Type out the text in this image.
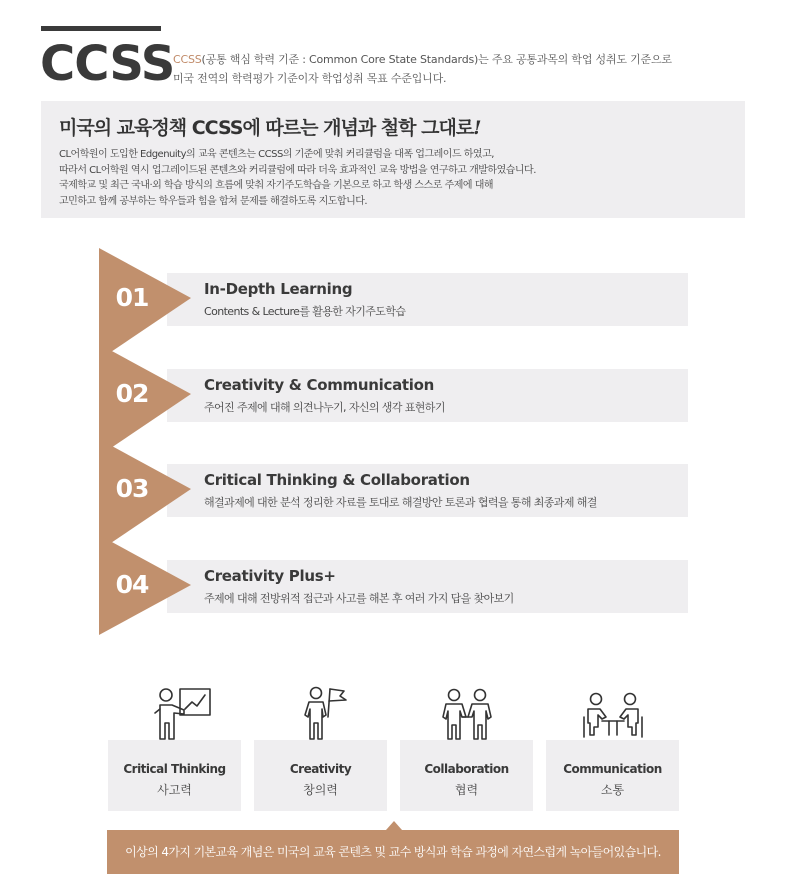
CCSS
CCSS(공통 핵심 학력 기준 : Common Core State Standards)는 주요 공통과목의 학업 성취도 기준으로
미국 전역의 학력평가 기준이자 학업성취 목표 수준입니다.
미국의 교육정책 CCSS에 따르는 개념과 철학 그대로!
CL어학원이 도입한 Edgenuity의 교육 콘텐츠는 CCSS의 기준에 맞춰 커리큘럼을 대폭 업그레이드 하였고,
따라서 CL어학원 역시 업그레이드된 콘텐츠와 커리큘럼에 따라 더욱 효과적인 교육 방법을 연구하고 개발하였습니다.
국제학교 및 최근 국내·외 학습 방식의 흐름에 맞춰 자기주도학습을 기본으로 하고 학생 스스로 주제에 대해
고민하고 함께 공부하는 학우들과 힘을 합쳐 문제를 해결하도록 지도합니다.
01	In-Depth Learning
Contents & Lecture를 활용한 자기주도학습
02	Creativity & Communication
주어진 주제에 대해 의견나누기, 자신의 생각 표현하기
03	Critical Thinking & Collaboration
해결과제에 대한 분석 정리한 자료를 토대로 해결방안 토론과 협력을 통해 최종과제 해결
04	Creativity Plus+
주제에 대해 전방위적 접근과 사고를 해본 후 여러 가지 답을 찾아보기
Critical Thinking
사고력
Creativity
창의력
Collaboration
협력
Communication
소통
이상의 4가지 기본교육 개념은 미국의 교육 콘텐츠 및 교수 방식과 학습 과정에 자연스럽게 녹아들어있습니다.
